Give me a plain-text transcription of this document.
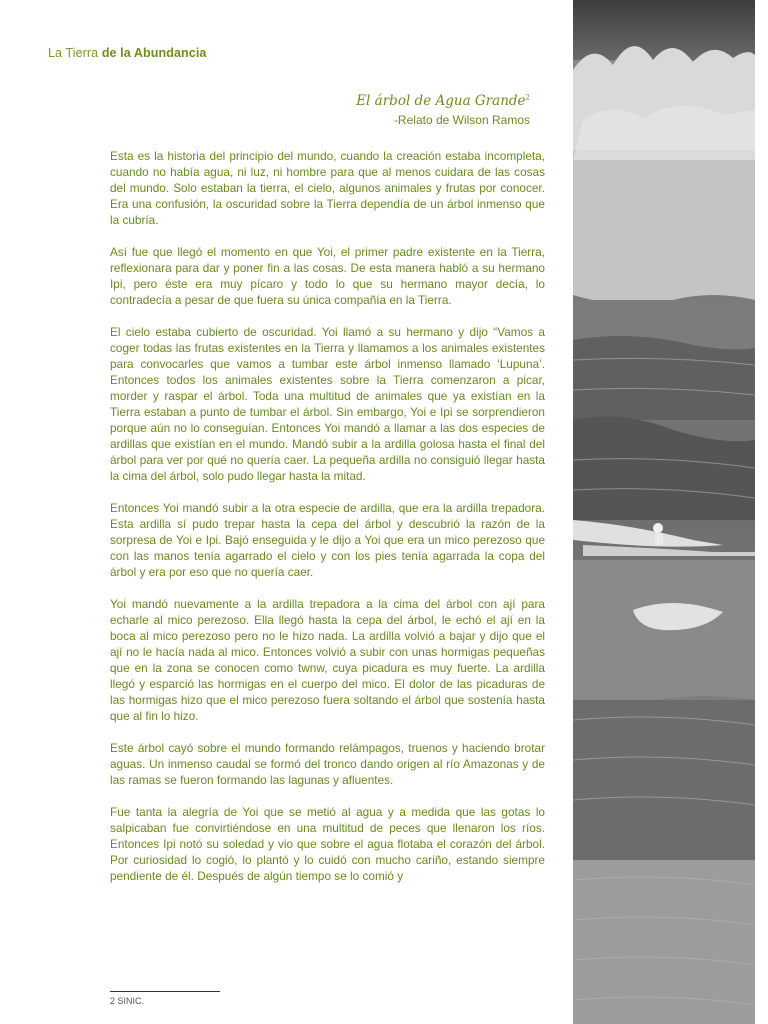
La Tierra de la Abundancia
El árbol de Agua Grande$^2$
-Relato de Wilson Ramos

Esta es la historia del principio del mundo, cuando la creación estaba incompleta, cuando no había agua, ni luz, ni hombre para que al menos cuidara de las cosas del mundo. Solo estaban la tierra, el cielo, algunos animales y frutas por conocer. Era una confusión, la oscuridad sobre la Tierra dependía de un árbol inmenso que la cubría.

Así fue que llegó el momento en que Yoi, el primer padre existente en la Tierra, reflexionara para dar y poner fin a las cosas. De esta manera habló a su hermano Ipi, pero éste era muy pícaro y todo lo que su hermano mayor decía, lo contradecía a pesar de que fuera su única compañía en la Tierra.

El cielo estaba cubierto de oscuridad. Yoi llamó a su hermano y dijo “Vamos a coger todas las frutas existentes en la Tierra y llamamos a los animales existentes para convocarles que vamos a tumbar este árbol inmenso llamado ‘Lupuna’. Entonces todos los animales existentes sobre la Tierra comenzaron a picar, morder y raspar el árbol. Toda una multitud de animales que ya existían en la Tierra estaban a punto de tumbar el árbol. Sin embargo, Yoi e Ipi se sorprendieron porque aún no lo conseguían. Entonces Yoi mandó a llamar a las dos especies de ardillas que existían en el mundo. Mandó subir a la ardilla golosa hasta el final del árbol para ver por qué no quería caer. La pequeña ardilla no consiguió llegar hasta la cima del árbol, solo pudo llegar hasta la mitad.

Entonces Yoi mandó subir a la otra especie de ardilla, que era la ardilla trepadora. Esta ardilla sí pudo trepar hasta la cepa del árbol y descubrió la razón de la sorpresa de Yoi e Ipi. Bajó enseguida y le dijo a Yoi que era un mico perezoso que con las manos tenía agarrado el cielo y con los pies tenía agarrada la copa del árbol y era por eso que no quería caer.

Yoi mandó nuevamente a la ardilla trepadora a la cima del árbol con ají para echarle al mico perezoso. Ella llegó hasta la cepa del árbol, le echó el ají en la boca al mico perezoso pero no le hizo nada. La ardilla volvió a bajar y dijo que el ají no le hacía nada al mico. Entonces volvió a subir con unas hormigas pequeñas que en la zona se conocen como twnw, cuya picadura es muy fuerte. La ardilla llegó y esparció las hormigas en el cuerpo del mico. El dolor de las picaduras de las hormigas hizo que el mico perezoso fuera soltando el árbol que sostenía hasta que al fin lo hizo.

Este árbol cayó sobre el mundo formando relámpagos, truenos y haciendo brotar aguas. Un inmenso caudal se formó del tronco dando origen al río Amazonas y de las ramas se fueron formando las lagunas y afluentes.

Fue tanta la alegría de Yoi que se metió al agua y a medida que las gotas lo salpicaban fue convirtiéndose en una multitud de peces que llenaron los ríos. Entonces Ipi notó su soledad y vio que sobre el agua flotaba el corazón del árbol. Por curiosidad lo cogió, lo plantó y lo cuidó con mucho cariño, estando siempre pendiente de él. Después de algún tiempo se lo comió y

2 SINIC.
